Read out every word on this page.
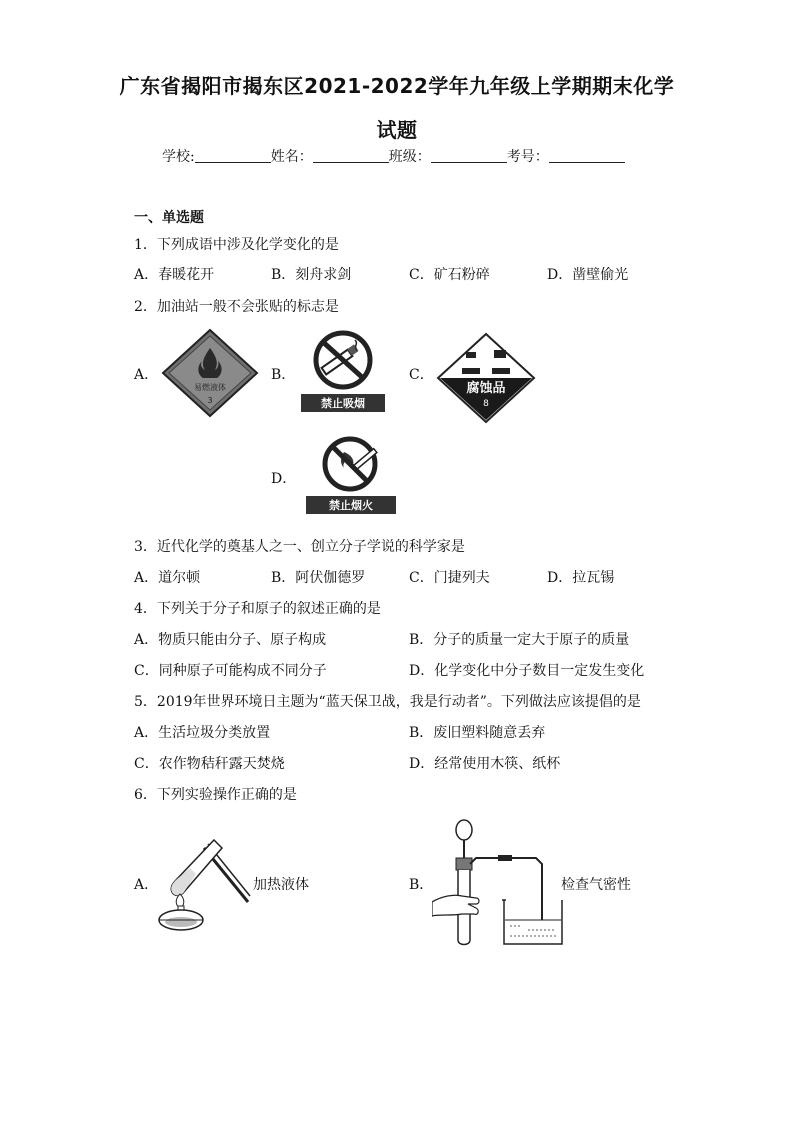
广东省揭阳市揭东区2021-2022学年九年级上学期期末化学
试题
学校:	姓名：	班级：	考号：
一、单选题
1．下列成语中涉及化学变化的是
A．春暖花开	B．刻舟求剑	C．矿石粉碎	D．凿壁偷光
2．加油站一般不会张贴的标志是
A．	B．	C．
D．
易燃液体
3	禁止吸烟
腐蚀品
8
禁止烟火
3．近代化学的奠基人之一、创立分子学说的科学家是
A．道尔顿	B．阿伏伽德罗	C．门捷列夫	D．拉瓦锡
4．下列关于分子和原子的叙述正确的是
A．物质只能由分子、原子构成	B．分子的质量一定大于原子的质量
C．同种原子可能构成不同分子	D．化学变化中分子数目一定发生变化
5．2019年世界环境日主题为“蓝天保卫战，我是行动者”。下列做法应该提倡的是
A．生活垃圾分类放置	B．废旧塑料随意丢弃
C．农作物秸秆露天焚烧	D．经常使用木筷、纸杯
6．下列实验操作正确的是
A．	加热液体	B．	检查气密性
